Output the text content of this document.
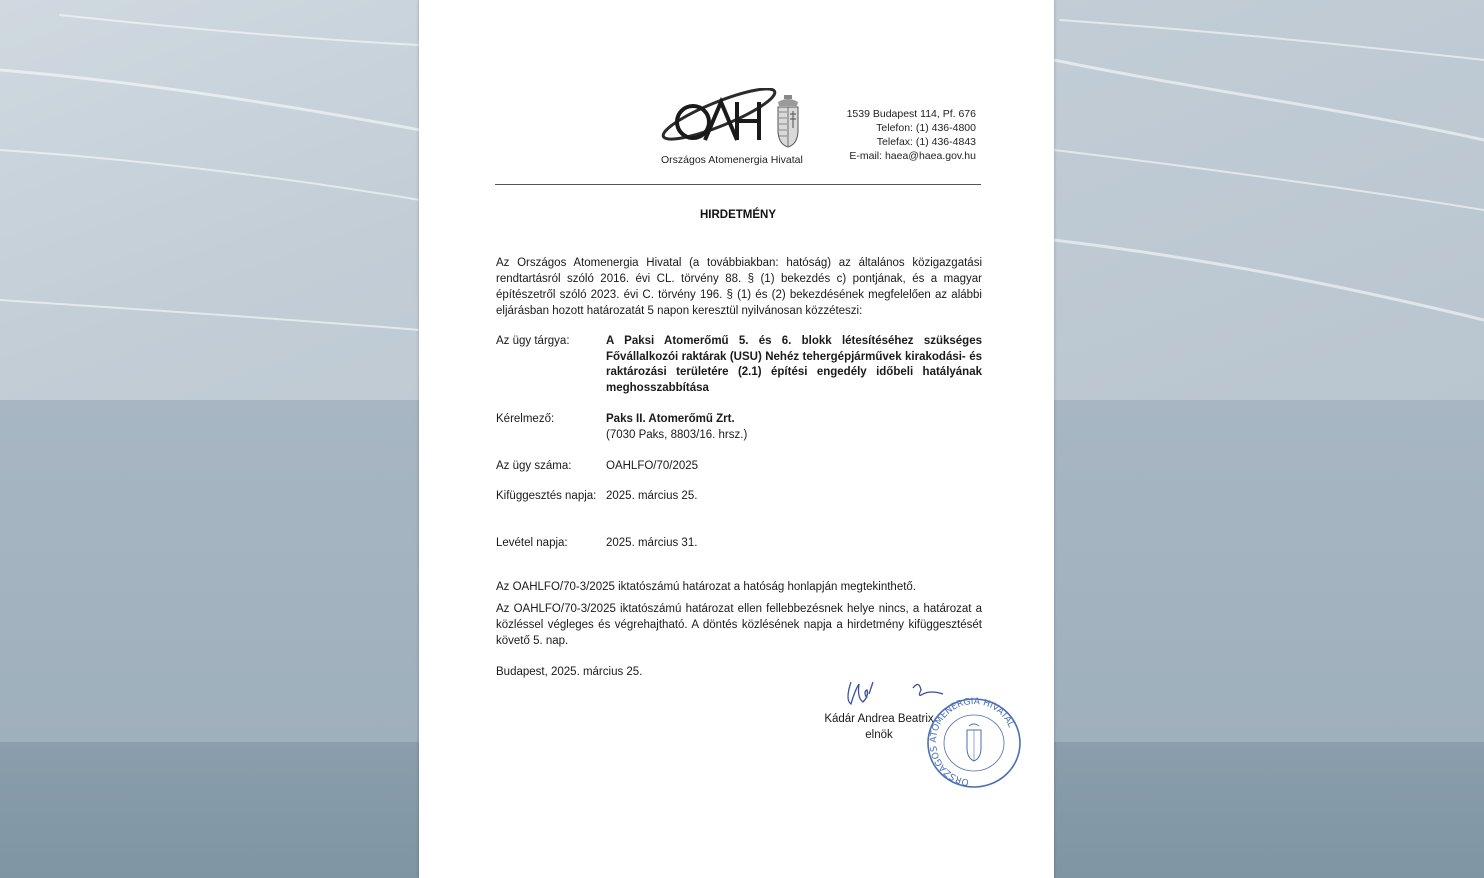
Országos Atomenergia Hivatal
1539 Budapest 114, Pf. 676
Telefon: (1) 436-4800
Telefax: (1) 436-4843
E-mail: haea@haea.gov.hu
HIRDETMÉNY
Az Országos Atomenergia Hivatal (a továbbiakban: hatóság) az általános közigazgatási rendtartásról szóló 2016. évi CL. törvény 88. § (1) bekezdés c) pontjának, és a magyar építészetről szóló 2023. évi C. törvény 196. § (1) és (2) bekezdésének megfelelően az alábbi eljárásban hozott határozatát 5 napon keresztül nyilvánosan közzéteszi:
Az ügy tárgya:	A Paksi Atomerőmű 5. és 6. blokk létesítéséhez szükséges Fővállalkozói raktárak (USU) Nehéz tehergépjárművek kirakodási- és raktározási területére (2.1) építési engedély időbeli hatályának meghosszabbítása
Kérelmező:	Paks II. Atomerőmű Zrt.
(7030 Paks, 8803/16. hrsz.)
Az ügy száma:	OAHLFO/70/2025
Kifüggesztés napja: 2025. március 25.
Levétel napja:	2025. március 31.
Az OAHLFO/70-3/2025 iktatószámú határozat a hatóság honlapján megtekinthető.
Az OAHLFO/70-3/2025 iktatószámú határozat ellen fellebbezésnek helye nincs, a határozat a közléssel végleges és végrehajtható. A döntés közlésének napja a hirdetmény kifüggesztését követő 5. nap.
Budapest, 2025. március 25.
Kádár Andrea Beatrix
elnök
ORSZÁGOS ATOMENERGIA HIVATAL
